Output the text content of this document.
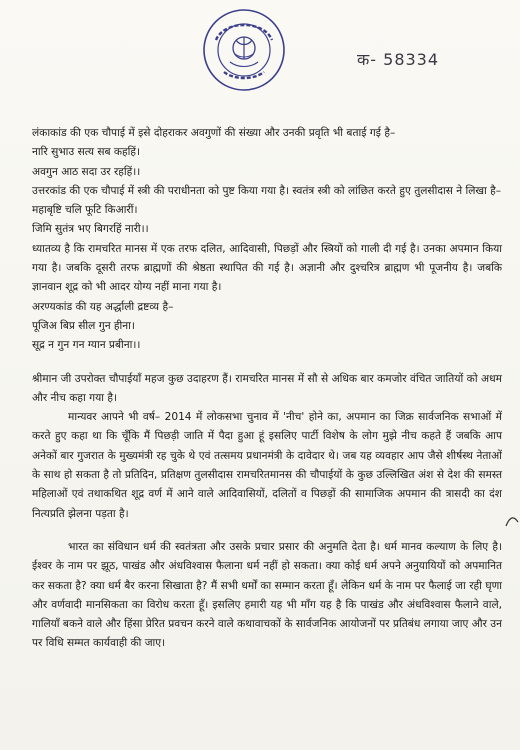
क- 58334

लंकाकांड की एक चौपाई में इसे दोहराकर अवगुणों की संख्या और उनकी प्रवृति भी बताई गई है–

नारि सुभाउ सत्य सब कहहिं।

अवगुन आठ सदा उर रहहिं।।

उत्तरकांड की एक चौपाई में स्त्री की पराधीनता को पुष्ट किया गया है। स्वतंत्र स्त्री को लांछित करते हुए तुलसीदास ने लिखा है–

महाबृष्टि चलि फूटि किआरीं।

जिमि सुतंत्र भए बिगरहिं नारी।।

ध्यातव्य है कि रामचरित मानस में एक तरफ दलित, आदिवासी, पिछड़ों और स्त्रियों को गाली दी गई है। उनका अपमान किया गया है। जबकि दूसरी तरफ ब्राह्मणों की श्रेष्ठता स्थापित की गई है। अज्ञानी और दुश्चरित्र ब्राह्मण भी पूजनीय है। जबकि ज्ञानवान शूद्र को भी आदर योग्य नहीं माना गया है।

अरण्यकांड की यह अर्द्धाली द्रष्टव्य है–

पूजिअ बिप्र सील गुन हीना।

सूद्र न गुन गन ग्यान प्रबीना।।

श्रीमान जी उपरोक्त चौपाईयाँ महज कुछ उदाहरण हैं। रामचरित मानस में सौ से अधिक बार कमजोर वंचित जातियों को अधम और नीच कहा गया है।

मान्यवर आपने भी वर्ष– 2014 में लोकसभा चुनाव में 'नीच' होने का, अपमान का जिक्र सार्वजनिक सभाओं में करते हुए कहा था कि चूँकि मैं पिछड़ी जाति में पैदा हुआ हूं इसलिए पार्टी विशेष के लोग मुझे नीच कहते हैं जबकि आप अनेकों बार गुजरात के मुख्यमंत्री रह चुके थे एवं तत्समय प्रधानमंत्री के दावेदार थे। जब यह व्यवहार आप जैसे शीर्षस्थ नेताओं के साथ हो सकता है तो प्रतिदिन, प्रतिक्षण तुलसीदास रामचरितमानस की चौपाईयों के कुछ उल्लिखित अंश से देश की समस्त महिलाओं एवं तथाकथित शूद्र वर्ण में आने वाले आदिवासियों, दलितों व पिछड़ों की सामाजिक अपमान की त्रासदी का दंश नित्यप्रति झेलना पड़ता है।

भारत का संविधान धर्म की स्वतंत्रता और उसके प्रचार प्रसार की अनुमति देता है। धर्म मानव कल्याण के लिए है। ईश्वर के नाम पर झूठ, पाखंड और अंधविश्वास फैलाना धर्म नहीं हो सकता। क्या कोई धर्म अपने अनुयायियों को अपमानित कर सकता है? क्या धर्म बैर करना सिखाता है? मैं सभी धर्मों का सम्मान करता हूँ। लेकिन धर्म के नाम पर फैलाई जा रही घृणा और वर्णवादी मानसिकता का विरोध करता हूँ। इसलिए हमारी यह भी माँग यह है कि पाखंड और अंधविश्वास फैलाने वाले, गालियाँ बकने वाले और हिंसा प्रेरित प्रवचन करने वाले कथावाचकों के सार्वजनिक आयोजनों पर प्रतिबंध लगाया जाए और उन पर विधि सम्मत कार्यवाही की जाए।
